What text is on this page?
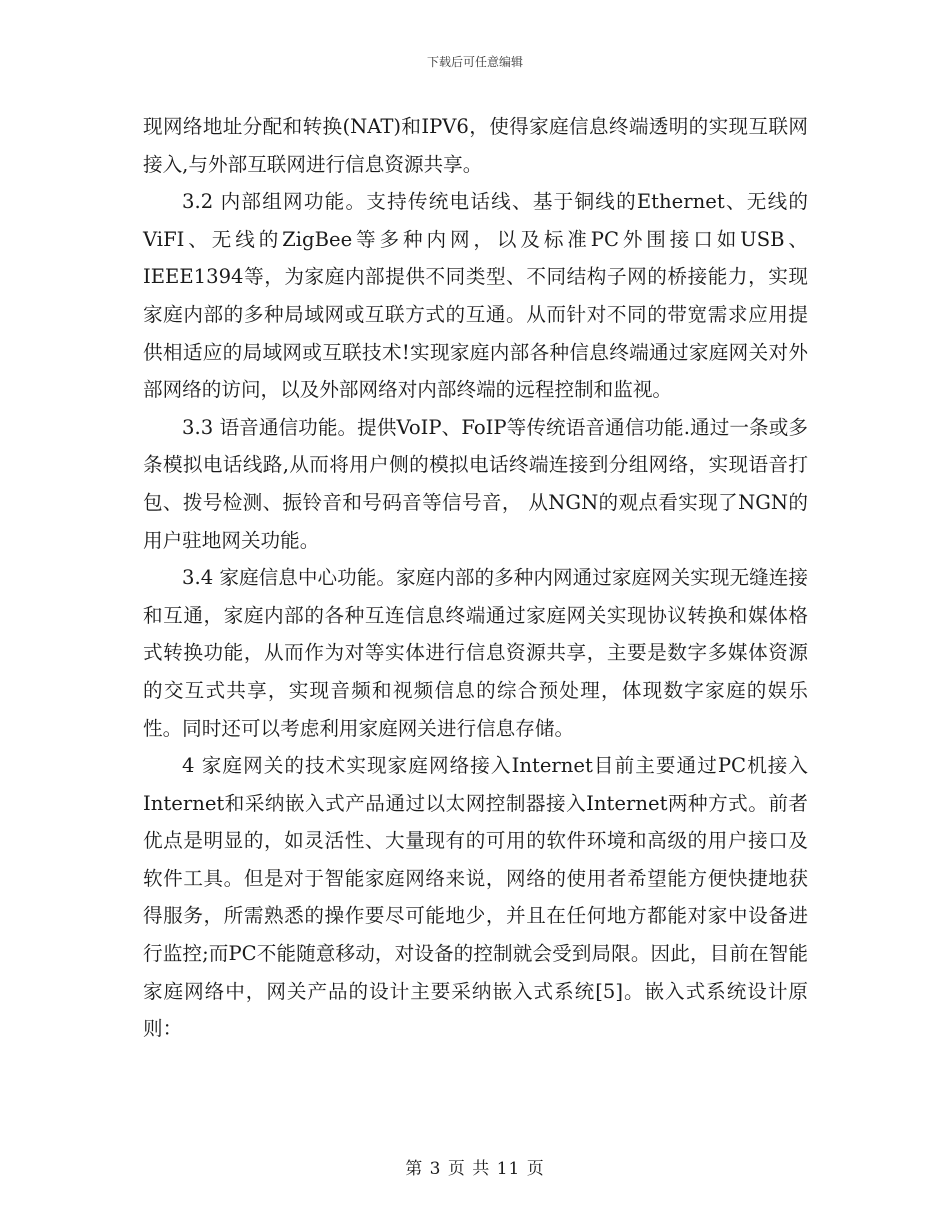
下载后可任意编辑

现网络地址分配和转换(NAT)和IPV6，使得家庭信息终端透明的实现互联网接入,与外部互联网进行信息资源共享。

3.2 内部组网功能。支持传统电话线、基于铜线的Ethernet、无线的ViFI、无线的ZigBee等多种内网，以及标准PC外围接口如USB、IEEE1394等，为家庭内部提供不同类型、不同结构子网的桥接能力，实现家庭内部的多种局域网或互联方式的互通。从而针对不同的带宽需求应用提供相适应的局域网或互联技术!实现家庭内部各种信息终端通过家庭网关对外部网络的访问，以及外部网络对内部终端的远程控制和监视。

3.3 语音通信功能。提供VoIP、FoIP等传统语音通信功能.通过一条或多条模拟电话线路,从而将用户侧的模拟电话终端连接到分组网络，实现语音打包、拨号检测、振铃音和号码音等信号音， 从NGN的观点看实现了NGN的用户驻地网关功能。

3.4 家庭信息中心功能。家庭内部的多种内网通过家庭网关实现无缝连接和互通，家庭内部的各种互连信息终端通过家庭网关实现协议转换和媒体格式转换功能，从而作为对等实体进行信息资源共享，主要是数字多媒体资源的交互式共享，实现音频和视频信息的综合预处理，体现数字家庭的娱乐性。同时还可以考虑利用家庭网关进行信息存储。

4 家庭网关的技术实现家庭网络接入Internet目前主要通过PC机接入Internet和采纳嵌入式产品通过以太网控制器接入Internet两种方式。前者优点是明显的，如灵活性、大量现有的可用的软件环境和高级的用户接口及软件工具。但是对于智能家庭网络来说，网络的使用者希望能方便快捷地获得服务，所需熟悉的操作要尽可能地少，并且在任何地方都能对家中设备进行监控;而PC不能随意移动，对设备的控制就会受到局限。因此，目前在智能家庭网络中，网关产品的设计主要采纳嵌入式系统[5]。嵌入式系统设计原则：

第 3 页 共 11 页
